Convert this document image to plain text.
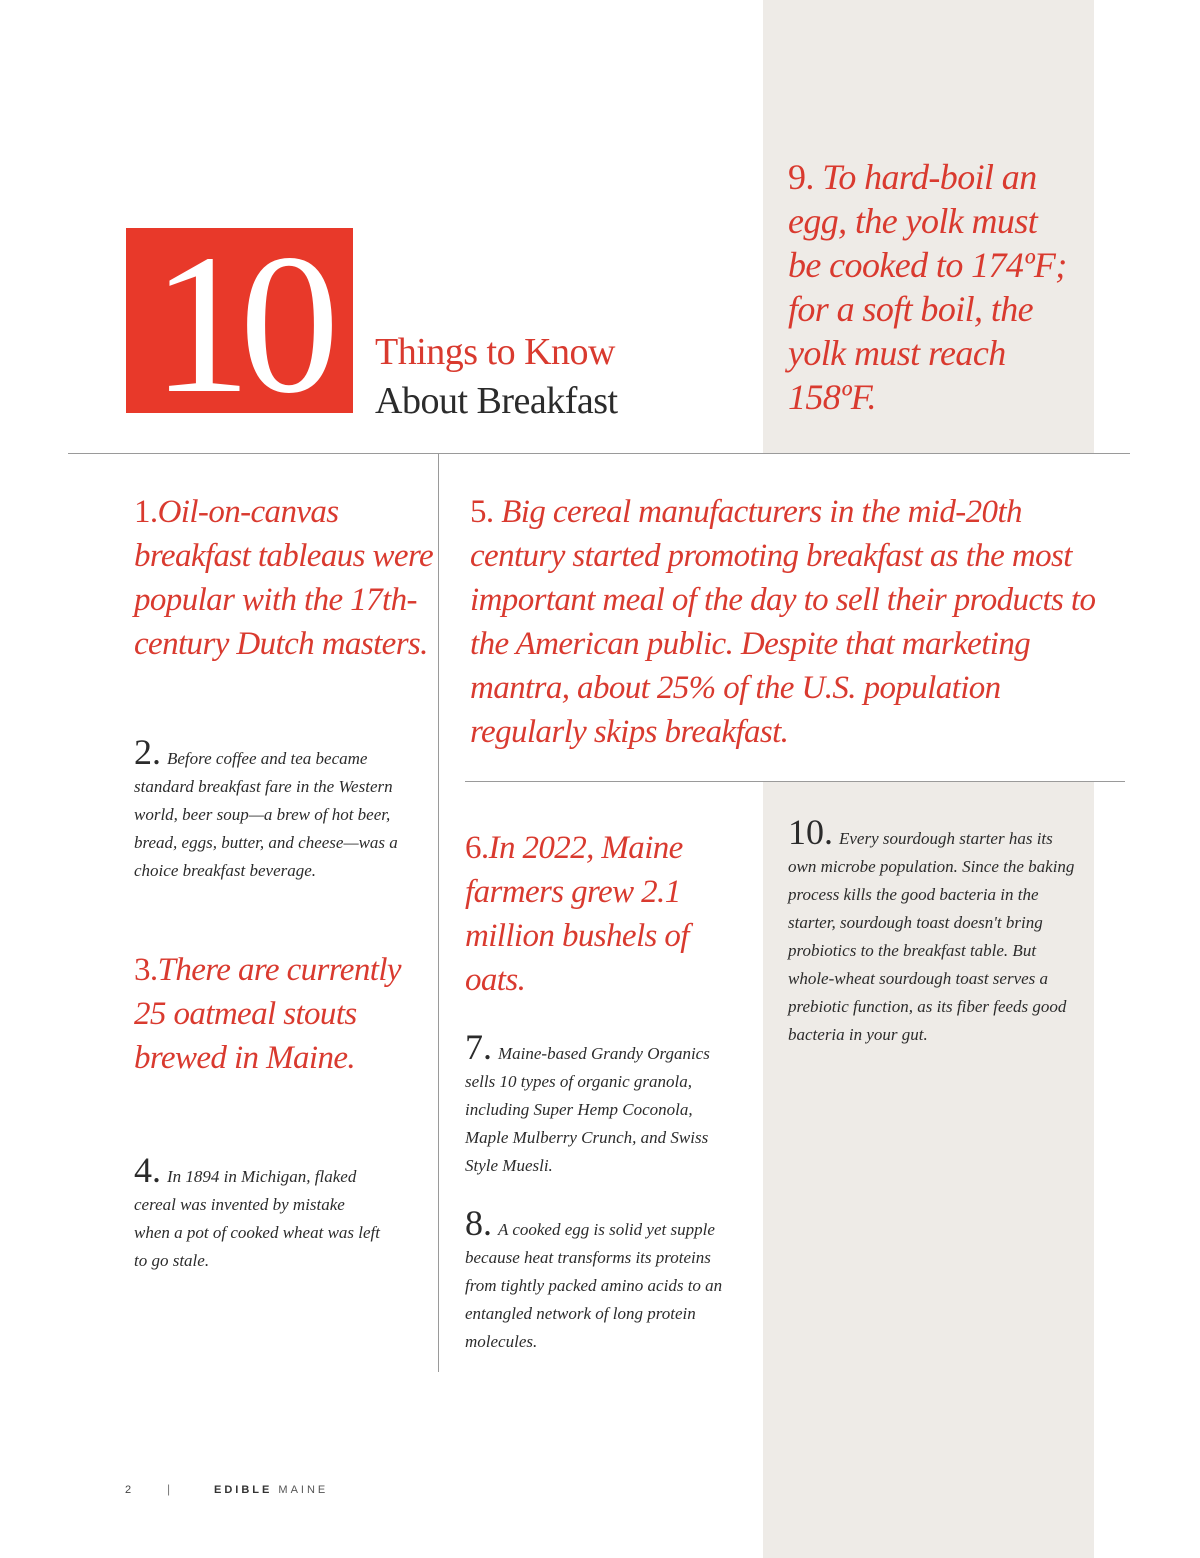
10	Things to Know
About Breakfast
9. To hard-boil an egg, the yolk must be cooked to 174ºF; for a soft boil, the yolk must reach 158ºF.
1.Oil-on-canvas breakfast tableaus were popular with the 17th-century Dutch masters.
5. Big cereal manufacturers in the mid-20th century started promoting breakfast as the most important meal of the day to sell their products to the American public. Despite that marketing mantra, about 25% of the U.S. population regularly skips breakfast.
2. Before coffee and tea became standard breakfast fare in the Western world, beer soup—a brew of hot beer, bread, eggs, butter, and cheese—was a choice breakfast beverage.
3.There are currently 25 oatmeal stouts brewed in Maine.
4. In 1894 in Michigan, flaked cereal was invented by mistake when a pot of cooked wheat was left to go stale.
6.In 2022, Maine farmers grew 2.1 million bushels of oats.
7. Maine-based Grandy Organics sells 10 types of organic granola, including Super Hemp Coconola, Maple Mulberry Crunch, and Swiss Style Muesli.
8. A cooked egg is solid yet supple because heat transforms its proteins from tightly packed amino acids to an entangled network of long protein molecules.
10. Every sourdough starter has its own microbe population. Since the baking process kills the good bacteria in the starter, sourdough toast doesn't bring probiotics to the breakfast table. But whole-wheat sourdough toast serves a prebiotic function, as its fiber feeds good bacteria in your gut.
2	|	EDIBLE MAINE
